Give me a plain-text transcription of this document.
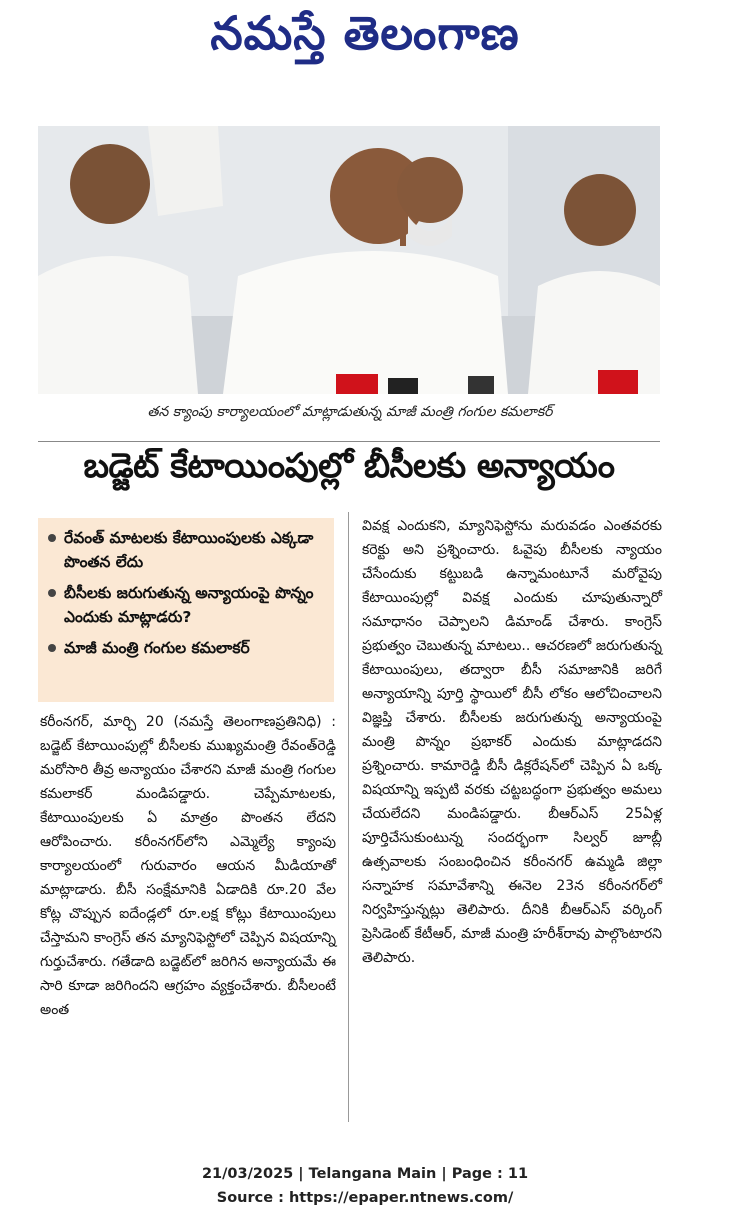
నమస్తే తెలంగాణ
తన క్యాంపు కార్యాలయంలో మాట్లాడుతున్న మాజీ మంత్రి గంగుల కమలాకర్
బడ్జెట్ కేటాయింపుల్లో బీసీలకు అన్యాయం
రేవంత్ మాటలకు కేటాయింపులకు ఎక్కడా పొంతన లేదు
బీసీలకు జరుగుతున్న అన్యాయంపై పొన్నం ఎందుకు మాట్లాడరు?
మాజీ మంత్రి గంగుల కమలాకర్

కరీంనగర్, మార్చి 20 (నమస్తే తెలంగాణప్రతినిధి) : బడ్జెట్ కేటాయింపుల్లో బీసీలకు ముఖ్యమంత్రి రేవంత్‌రెడ్డి మరోసారి తీవ్ర అన్యాయం చేశారని మాజీ మంత్రి గంగుల కమలాకర్ మండిపడ్డారు. చెప్పేమాటలకు, కేటాయింపులకు ఏ మాత్రం పొంతన లేదని ఆరోపించారు. కరీంనగర్‌లోని ఎమ్మెల్యే క్యాంపు కార్యాలయంలో గురువారం ఆయన మీడియాతో మాట్లాడారు. బీసీ సంక్షేమానికి ఏడాదికి రూ.20 వేల కోట్ల చొప్పున ఐదేండ్లలో రూ.లక్ష కోట్లు కేటాయింపులు చేస్తామని కాంగ్రెస్ తన మ్యానిఫెస్టోలో చెప్పిన విషయాన్ని గుర్తుచేశారు. గతేడాది బడ్జెట్‌లో జరిగిన అన్యాయమే ఈ సారి కూడా జరిగిందని ఆగ్రహం వ్యక్తంచేశారు. బీసీలంటే అంత

వివక్ష ఎందుకని, మ్యానిఫెస్టోను మరువడం ఎంతవరకు కరెక్టు అని ప్రశ్నించారు. ఓవైపు బీసీలకు న్యాయం చేసేందుకు కట్టుబడి ఉన్నామంటూనే మరోవైపు కేటాయింపుల్లో వివక్ష ఎందుకు చూపుతున్నారో సమాధానం చెప్పాలని డిమాండ్ చేశారు. కాంగ్రెస్ ప్రభుత్వం చెబుతున్న మాటలు.. ఆచరణలో జరుగుతున్న కేటాయింపులు, తద్వారా బీసీ సమాజానికి జరిగే అన్యాయాన్ని పూర్తి స్థాయిలో బీసీ లోకం ఆలోచించాలని విజ్ఞప్తి చేశారు. బీసీలకు జరుగుతున్న అన్యాయంపై మంత్రి పొన్నం ప్రభాకర్ ఎందుకు మాట్లాడదని ప్రశ్నించారు. కామారెడ్డి బీసీ డిక్లరేషన్‌లో చెప్పిన ఏ ఒక్క విషయాన్ని ఇప్పటి వరకు చట్టబద్ధంగా ప్రభుత్వం అమలు చేయలేదని మండిపడ్డారు. బీఆర్ఎస్ 25ఏళ్ల పూర్తిచేసుకుంటున్న సందర్భంగా సిల్వర్ జూబ్లీ ఉత్సవాలకు సంబంధించిన కరీంనగర్ ఉమ్మడి జిల్లా సన్నాహక సమావేశాన్ని ఈనెల 23న కరీంనగర్‌లో నిర్వహిస్తున్నట్లు తెలిపారు. దీనికి బీఆర్ఎస్ వర్కింగ్ ప్రెసిడెంట్ కేటీఆర్, మాజీ మంత్రి హరీశ్‌రావు పాల్గొంటారని తెలిపారు.

21/03/2025 | Telangana Main | Page : 11
Source : https://epaper.ntnews.com/
